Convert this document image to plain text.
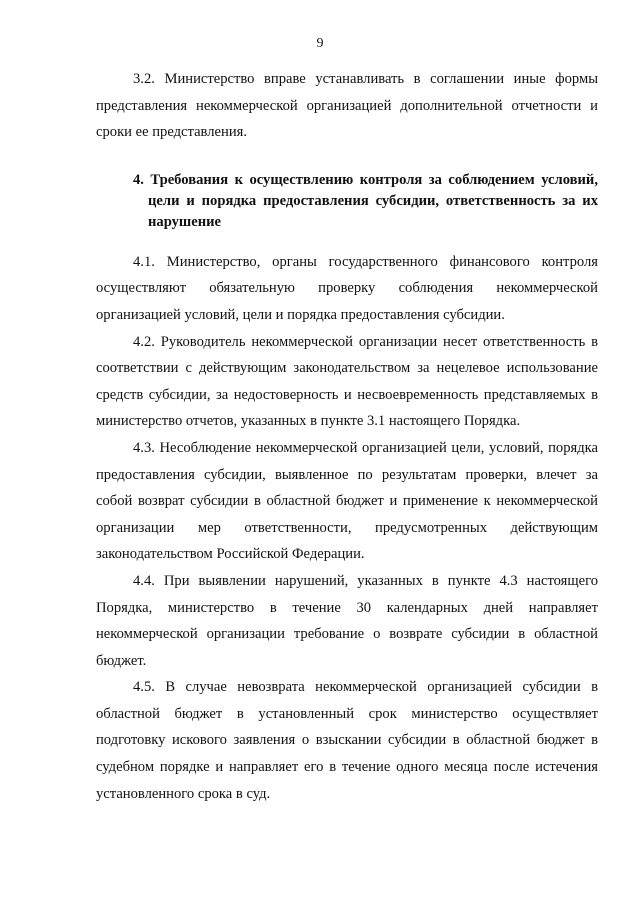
9

3.2. Министерство вправе устанавливать в соглашении иные формы представления некоммерческой организацией дополнительной отчетности и сроки ее представления.

4. Требования к осуществлению контроля за соблюдением условий, цели и порядка предоставления субсидии, ответственность за их нарушение

4.1. Министерство, органы государственного финансового контроля осуществляют обязательную проверку соблюдения некоммерческой организацией условий, цели и порядка предоставления субсидии.

4.2. Руководитель некоммерческой организации несет ответственность в соответствии с действующим законодательством за нецелевое использование средств субсидии, за недостоверность и несвоевременность представляемых в министерство отчетов, указанных в пункте 3.1 настоящего Порядка.

4.3. Несоблюдение некоммерческой организацией цели, условий, порядка предоставления субсидии, выявленное по результатам проверки, влечет за собой возврат субсидии в областной бюджет и применение к некоммерческой организации мер ответственности, предусмотренных действующим законодательством Российской Федерации.

4.4. При выявлении нарушений, указанных в пункте 4.3 настоящего Порядка, министерство в течение 30 календарных дней направляет некоммерческой организации требование о возврате субсидии в областной бюджет.

4.5. В случае невозврата некоммерческой организацией субсидии в областной бюджет в установленный срок министерство осуществляет подготовку искового заявления о взыскании субсидии в областной бюджет в судебном порядке и направляет его в течение одного месяца после истечения установленного срока в суд.
